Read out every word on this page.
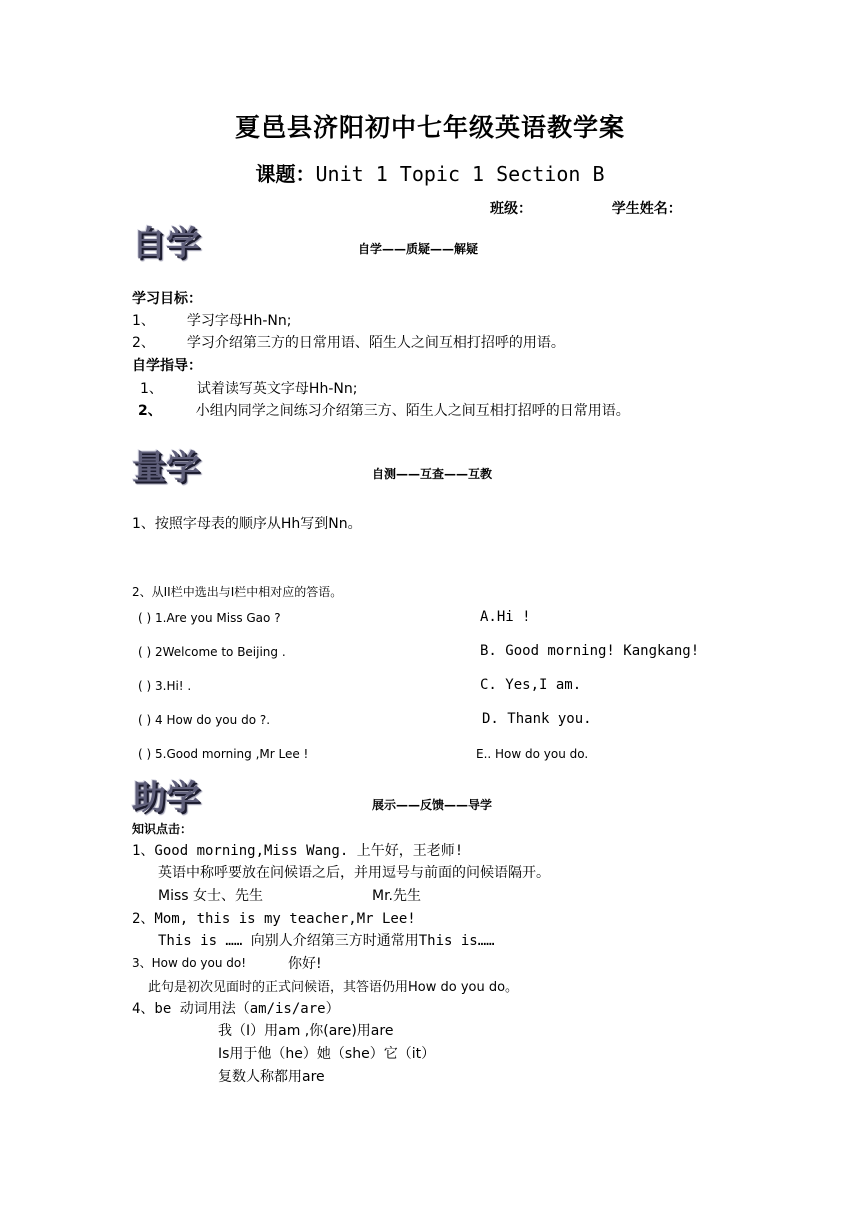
夏邑县济阳初中七年级英语教学案
课题：Unit 1 Topic 1 Section B
班级：	学生姓名：
自学	自学——质疑——解疑
学习目标：
1、 学习字母Hh-Nn;
2、 学习介绍第三方的日常用语、陌生人之间互相打招呼的用语。
自学指导：
1、 试着读写英文字母Hh-Nn;
2、 小组内同学之间练习介绍第三方、陌生人之间互相打招呼的日常用语。
量学	自测——互查——互教
1、按照字母表的顺序从Hh写到Nn。
2、从II栏中选出与I栏中相对应的答语。
( ) 1.Are you Miss Gao ?	A.Hi !
( ) 2Welcome to Beijing .	B. Good morning! Kangkang!
( ) 3.Hi! .	C. Yes,I am.
( ) 4 How do you do ?.	D. Thank you.
( ) 5.Good morning ,Mr Lee !	E.. How do you do.
助学	展示——反馈——导学
知识点击：
1、Good morning,Miss Wang. 上午好，王老师!
英语中称呼要放在问候语之后，并用逗号与前面的问候语隔开。
Miss 女士、先生	Mr.先生
2、Mom, this is my teacher,Mr Lee!
This is …… 向别人介绍第三方时通常用This is……
3、How do you do!	你好!
此句是初次见面时的正式问候语，其答语仍用How do you do。
4、be 动词用法（am/is/are）
我（I）用am ,你(are)用are
Is用于他（he）她（she）它（it）
复数人称都用are
